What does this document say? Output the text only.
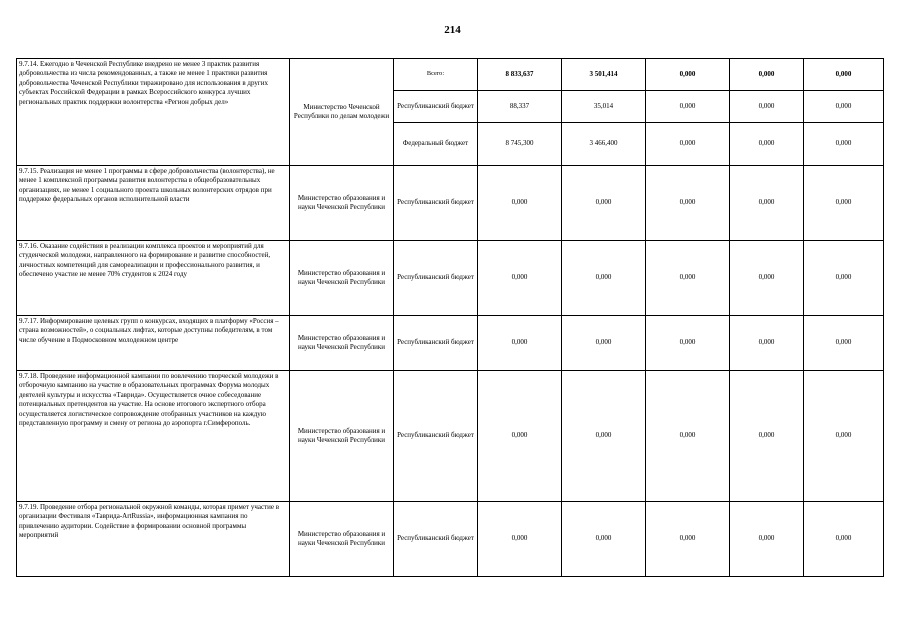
214
9.7.14. Ежегодно в Чеченской Республике внедрено не менее 3 практик развития добровольчества из числа рекомендованных, а также не менее 1 практики развития добровольчества Чеченской Республики тиражировано для использования в других субъектах Российской Федерации в рамках Всероссийского конкурса лучших региональных практик поддержки волонтерства «Регион добрых дел»	Министерство Чеченской Республики по делам молодежи	Всего:	8 833,637	3 501,414	0,000	0,000	0,000
		Республиканский бюджет	88,337	35,014	0,000	0,000	0,000
		Федеральный бюджет	8 745,300	3 466,400	0,000	0,000	0,000
9.7.15. Реализация не менее 1 программы в сфере добровольчества (волонтерства), не менее 1 комплексной программы развития волонтерства в общеобразовательных организациях, не менее 1 социального проекта школьных волонтерских отрядов при поддержке федеральных органов исполнительной власти	Министерство образования и науки Чеченской Республики	Республиканский бюджет	0,000	0,000	0,000	0,000	0,000
9.7.16. Оказание содействия в реализации комплекса проектов и мероприятий для студенческой молодежи, направленного на формирование и развитие способностей, личностных компетенций для самореализации и профессионального развития, и обеспечено участие не менее 70% студентов к 2024 году	Министерство образования и науки Чеченской Республики	Республиканский бюджет	0,000	0,000	0,000	0,000	0,000
9.7.17. Информирование целевых групп о конкурсах, входящих в платформу «Россия – страна возможностей», о социальных лифтах, которые доступны победителям, в том числе обучение в Подмосковном молодежном центре	Министерство образования и науки Чеченской Республики	Республиканский бюджет	0,000	0,000	0,000	0,000	0,000
9.7.18. Проведение информационной кампании по вовлечению творческой молодежи в отборочную кампанию на участие в образовательных программах Форума молодых деятелей культуры и искусства «Таврида». Осуществляется очное собеседование потенциальных претендентов на участие. На основе итогового экспертного отбора осуществляется логистическое сопровождение отобранных участников на каждую представленную программу и смену от региона до аэропорта г.Симферополь.	Министерство образования и науки Чеченской Республики	Республиканский бюджет	0,000	0,000	0,000	0,000	0,000
9.7.19. Проведение отбора региональной окружной команды, которая примет участие в организации Фестиваля «Таврида-ArtRussia», информационная кампания по привлечению аудитории. Содействие в формировании основной программы мероприятий	Министерство образования и науки Чеченской Республики	Республиканский бюджет	0,000	0,000	0,000	0,000	0,000
